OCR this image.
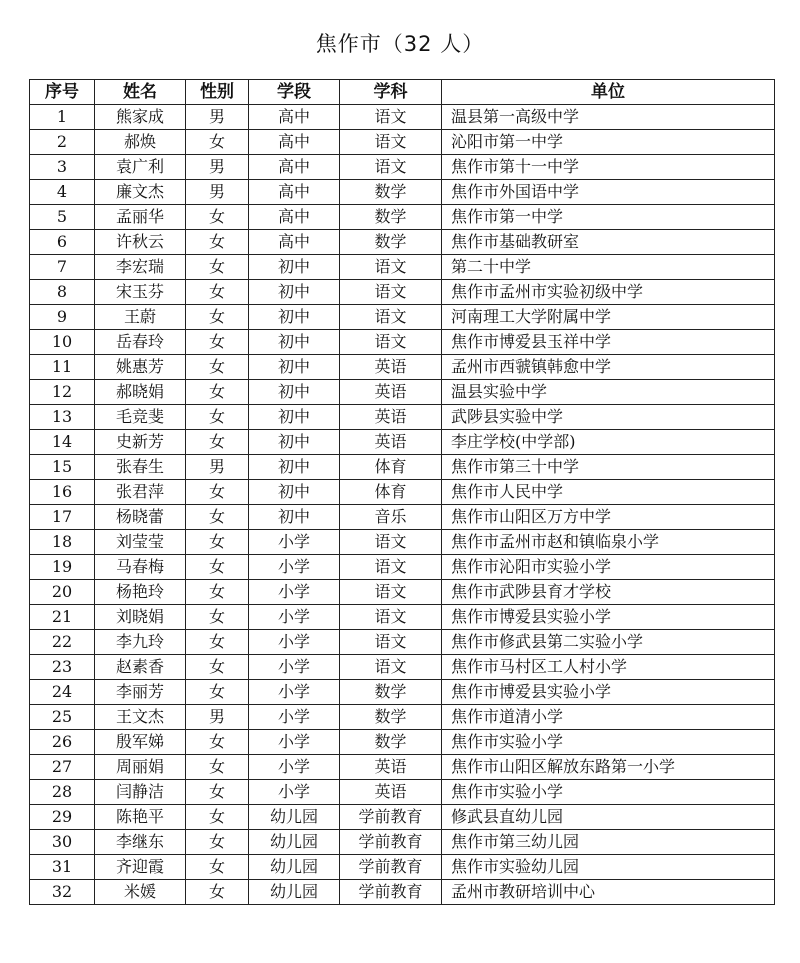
焦作市（32 人）
序号	姓名	性别	学段	学科	单位
1	熊家成	男	高中	语文	温县第一高级中学
2	郝焕	女	高中	语文	沁阳市第一中学
3	袁广利	男	高中	语文	焦作市第十一中学
4	廉文杰	男	高中	数学	焦作市外国语中学
5	孟丽华	女	高中	数学	焦作市第一中学
6	许秋云	女	高中	数学	焦作市基础教研室
7	李宏瑞	女	初中	语文	第二十中学
8	宋玉芬	女	初中	语文	焦作市孟州市实验初级中学
9	王蔚	女	初中	语文	河南理工大学附属中学
10	岳春玲	女	初中	语文	焦作市博爱县玉祥中学
11	姚惠芳	女	初中	英语	孟州市西虢镇韩愈中学
12	郝晓娟	女	初中	英语	温县实验中学
13	毛竞斐	女	初中	英语	武陟县实验中学
14	史新芳	女	初中	英语	李庄学校(中学部)
15	张春生	男	初中	体育	焦作市第三十中学
16	张君萍	女	初中	体育	焦作市人民中学
17	杨晓蕾	女	初中	音乐	焦作市山阳区万方中学
18	刘莹莹	女	小学	语文	焦作市孟州市赵和镇临泉小学
19	马春梅	女	小学	语文	焦作市沁阳市实验小学
20	杨艳玲	女	小学	语文	焦作市武陟县育才学校
21	刘晓娟	女	小学	语文	焦作市博爱县实验小学
22	李九玲	女	小学	语文	焦作市修武县第二实验小学
23	赵素香	女	小学	语文	焦作市马村区工人村小学
24	李丽芳	女	小学	数学	焦作市博爱县实验小学
25	王文杰	男	小学	数学	焦作市道清小学
26	殷军娣	女	小学	数学	焦作市实验小学
27	周丽娟	女	小学	英语	焦作市山阳区解放东路第一小学
28	闫静洁	女	小学	英语	焦作市实验小学
29	陈艳平	女	幼儿园	学前教育	修武县直幼儿园
30	李继东	女	幼儿园	学前教育	焦作市第三幼儿园
31	齐迎霞	女	幼儿园	学前教育	焦作市实验幼儿园
32	米媛	女	幼儿园	学前教育	孟州市教研培训中心
